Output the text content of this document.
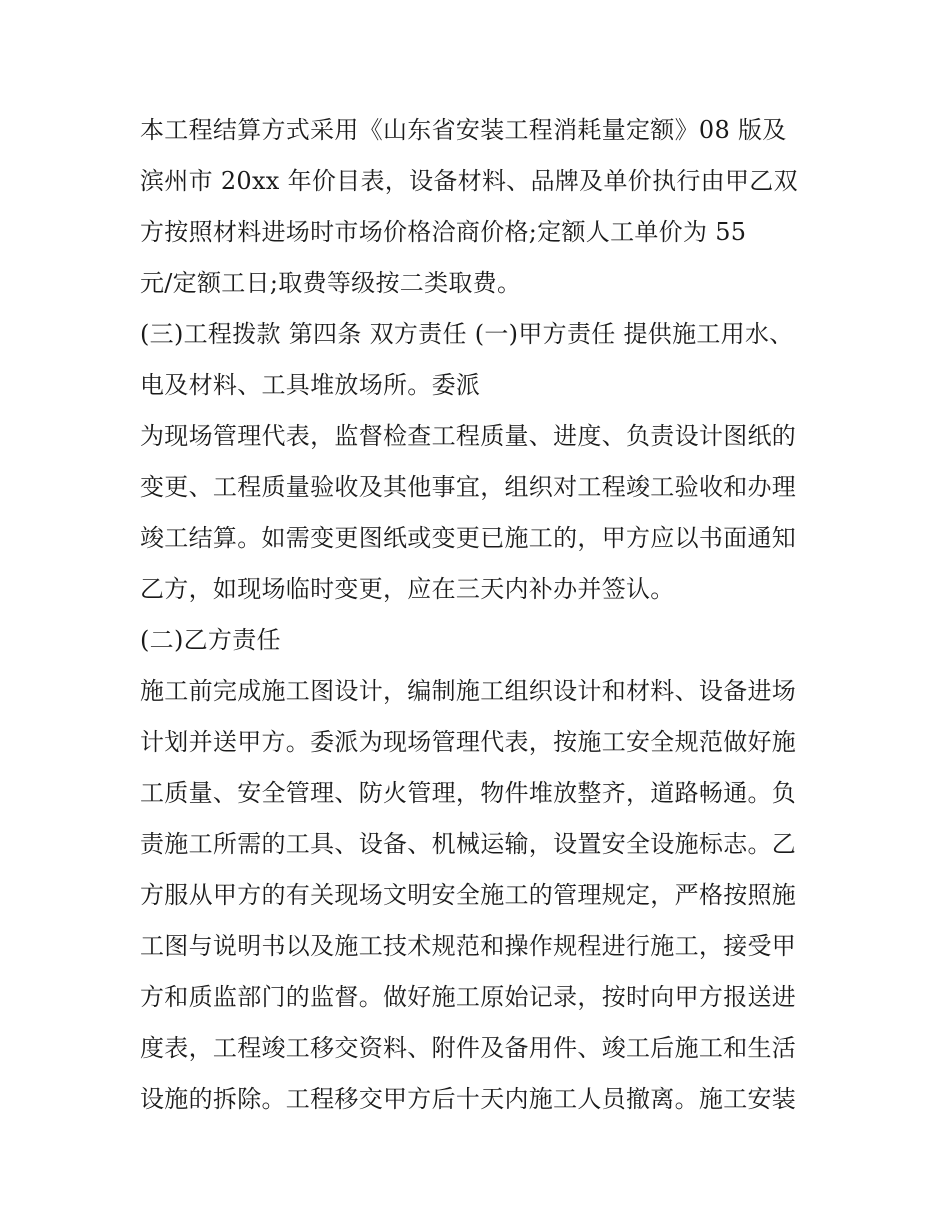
本工程结算方式采用《山东省安装工程消耗量定额》08 版及
滨州市 20xx 年价目表，设备材料、品牌及单价执行由甲乙双
方按照材料进场时市场价格洽商价格;定额人工单价为 55
元/定额工日;取费等级按二类取费。
(三)工程拨款 第四条 双方责任 (一)甲方责任 提供施工用水、
电及材料、工具堆放场所。委派
为现场管理代表，监督检查工程质量、进度、负责设计图纸的
变更、工程质量验收及其他事宜，组织对工程竣工验收和办理
竣工结算。如需变更图纸或变更已施工的，甲方应以书面通知
乙方，如现场临时变更，应在三天内补办并签认。
(二)乙方责任
施工前完成施工图设计，编制施工组织设计和材料、设备进场
计划并送甲方。委派为现场管理代表，按施工安全规范做好施
工质量、安全管理、防火管理，物件堆放整齐，道路畅通。负
责施工所需的工具、设备、机械运输，设置安全设施标志。乙
方服从甲方的有关现场文明安全施工的管理规定，严格按照施
工图与说明书以及施工技术规范和操作规程进行施工，接受甲
方和质监部门的监督。做好施工原始记录，按时向甲方报送进
度表，工程竣工移交资料、附件及备用件、竣工后施工和生活
设施的拆除。工程移交甲方后十天内施工人员撤离。施工安装
